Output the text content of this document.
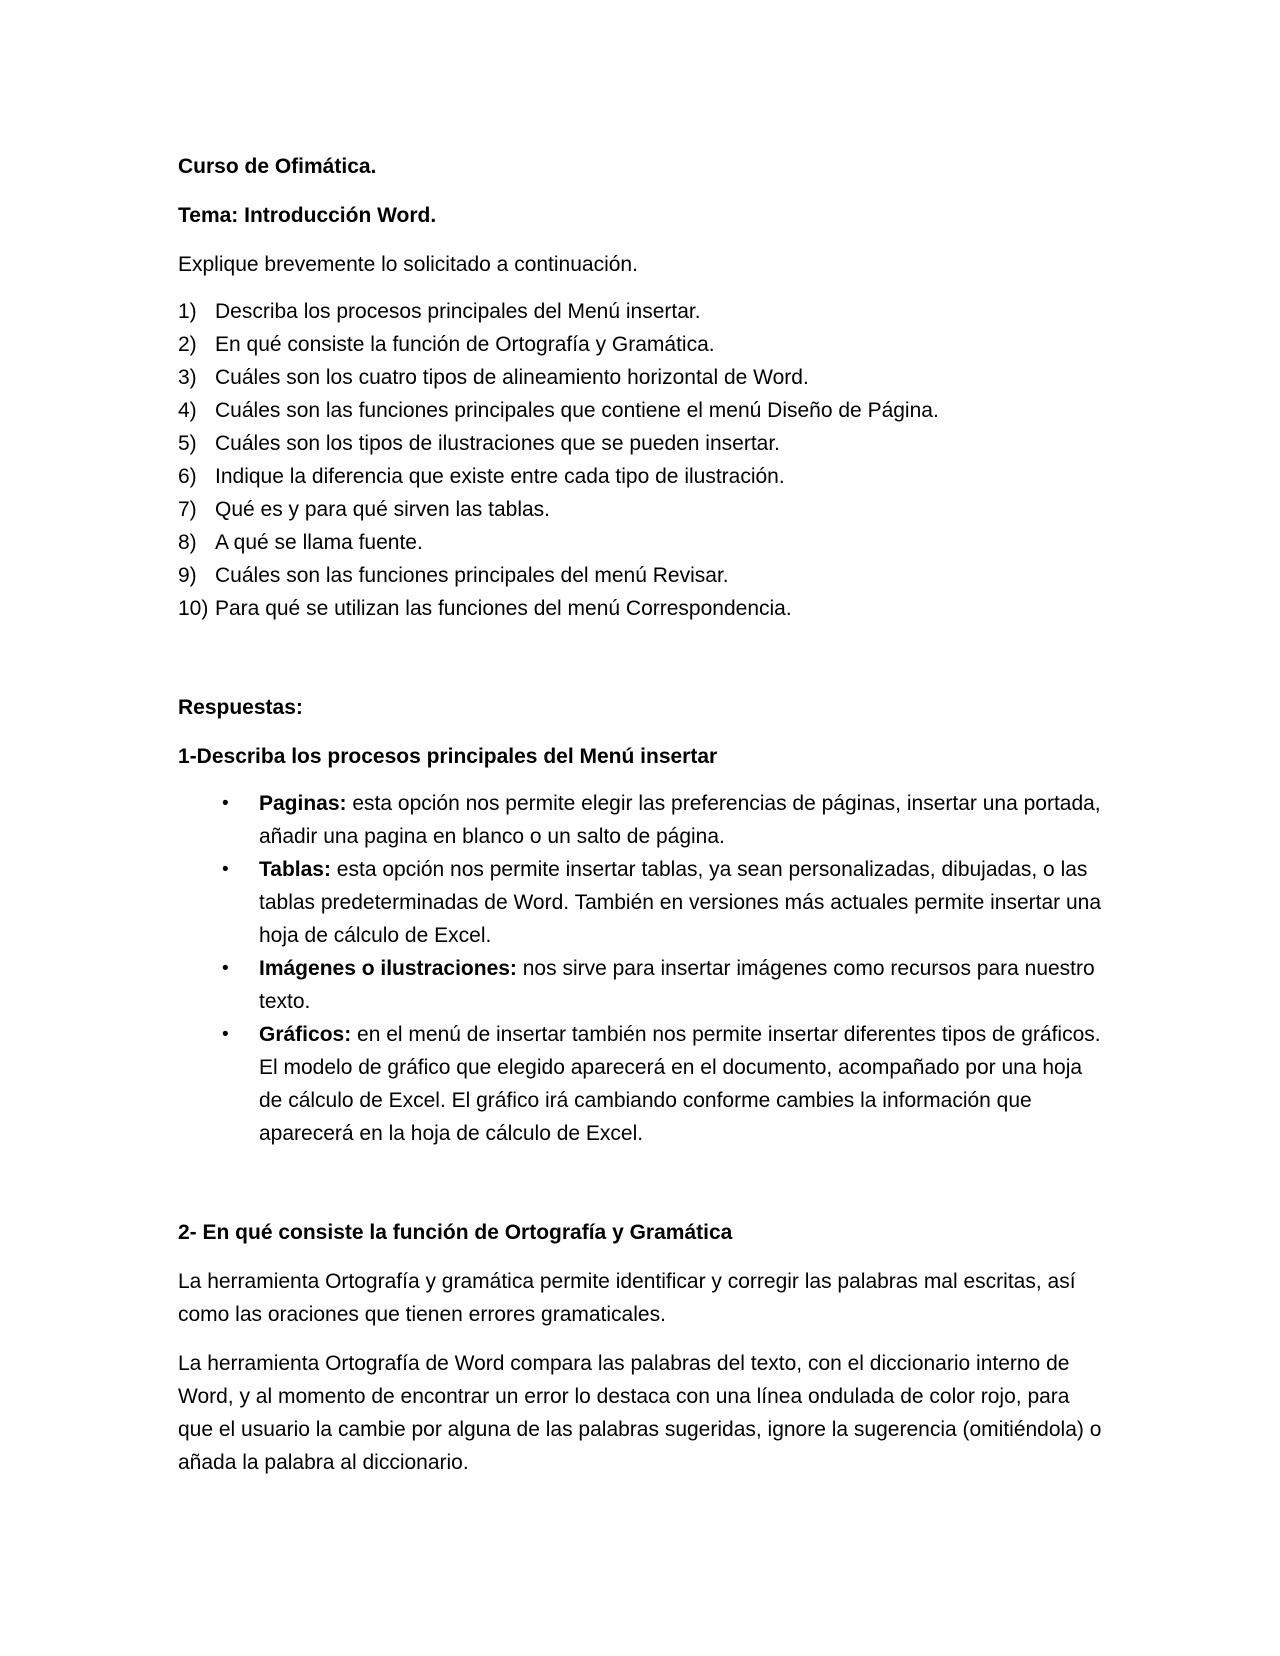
Curso de Ofimática.

Tema: Introducción Word.

Explique brevemente lo solicitado a continuación.

1) Describa los procesos principales del Menú insertar.
2) En qué consiste la función de Ortografía y Gramática.
3) Cuáles son los cuatro tipos de alineamiento horizontal de Word.
4) Cuáles son las funciones principales que contiene el menú Diseño de Página.
5) Cuáles son los tipos de ilustraciones que se pueden insertar.
6) Indique la diferencia que existe entre cada tipo de ilustración.
7) Qué es y para qué sirven las tablas.
8) A qué se llama fuente.
9) Cuáles son las funciones principales del menú Revisar.
10) Para qué se utilizan las funciones del menú Correspondencia.

Respuestas:

1-Describa los procesos principales del Menú insertar

• Paginas: esta opción nos permite elegir las preferencias de páginas, insertar una portada, añadir una pagina en blanco o un salto de página.
• Tablas: esta opción nos permite insertar tablas, ya sean personalizadas, dibujadas, o las tablas predeterminadas de Word. También en versiones más actuales permite insertar una hoja de cálculo de Excel.
• Imágenes o ilustraciones: nos sirve para insertar imágenes como recursos para nuestro texto.
• Gráficos: en el menú de insertar también nos permite insertar diferentes tipos de gráficos. El modelo de gráfico que elegido aparecerá en el documento, acompañado por una hoja de cálculo de Excel. El gráfico irá cambiando conforme cambies la información que aparecerá en la hoja de cálculo de Excel.

2- En qué consiste la función de Ortografía y Gramática

La herramienta Ortografía y gramática permite identificar y corregir las palabras mal escritas, así como las oraciones que tienen errores gramaticales.

La herramienta Ortografía de Word compara las palabras del texto, con el diccionario interno de Word, y al momento de encontrar un error lo destaca con una línea ondulada de color rojo, para que el usuario la cambie por alguna de las palabras sugeridas, ignore la sugerencia (omitiéndola) o añada la palabra al diccionario.
